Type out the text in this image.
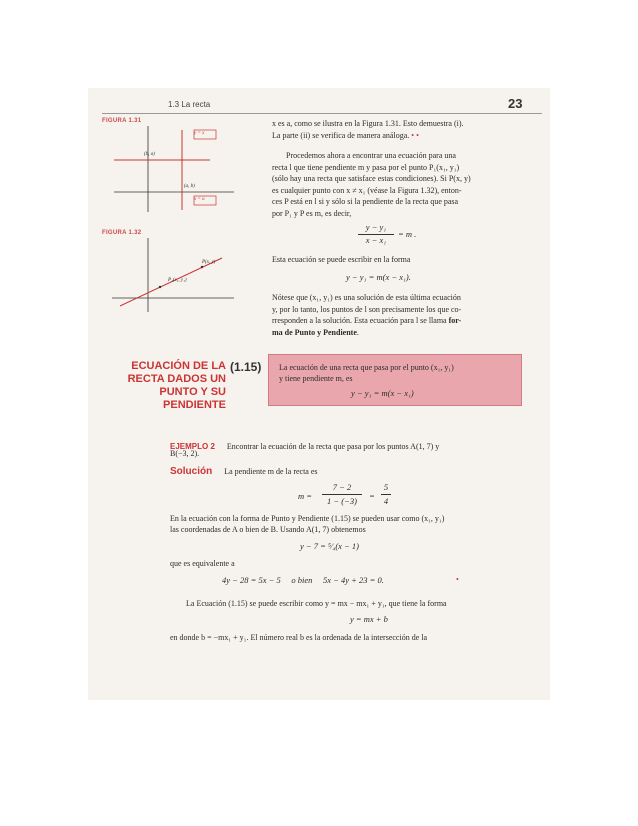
1.3 La recta	23
FIGURA 1.31
y = x
x = a
(b, a)
(a, b)
FIGURA 1.32
P(x, y)
P₁(x₁, y₁)
x es a, como se ilustra en la Figura 1.31. Esto demuestra (i).
La parte (ii) se verifica de manera análoga. • •
Procedemos ahora a encontrar una ecuación para una
recta l que tiene pendiente m y pasa por el punto P₁(x₁, y₁)
(sólo hay una recta que satisface estas condiciones). Si P(x, y)
es cualquier punto con x ≠ x₁ (véase la Figura 1.32), enton-
ces P está en l si y sólo si la pendiente de la recta que pasa
por P₁ y P es m, es decir,
y − y₁
x − x₁
= m .
Esta ecuación se puede escribir en la forma
y − y₁ = m(x − x₁).
Nótese que (x₁, y₁) es una solución de esta última ecuación
y, por lo tanto, los puntos de l son precisamente los que co-
rresponden a la solución. Esta ecuación para l se llama for-
ma de Punto y Pendiente.
ECUACIÓN DE LA
RECTA DADOS UN
PUNTO Y SU
PENDIENTE
(1.15) La ecuación de una recta que pasa por el punto (x₁, y₁)
y tiene pendiente m, es
y − y₁ = m(x − x₁)
EJEMPLO 2 Encontrar la ecuación de la recta que pasa por los puntos A(1, 7) y
B(−3, 2).
Solución La pendiente m de la recta es
m =
7 − 2
1 − (−3)	=
5
4
En la ecuación con la forma de Punto y Pendiente (1.15) se pueden usar como (x₁, y₁)
las coordenadas de A o bien de B. Usando A(1, 7) obtenemos
y − 7 = ⁵⁄₄(x − 1)
que es equivalente a
4y − 28 = 5x − 5     o bien     5x − 4y + 23 = 0.	•
La Ecuación (1.15) se puede escribir como y = mx − mx₁ + y₁, que tiene la forma
y = mx + b
en donde b = −mx₁ + y₁. El número real b es la ordenada de la intersección de la
